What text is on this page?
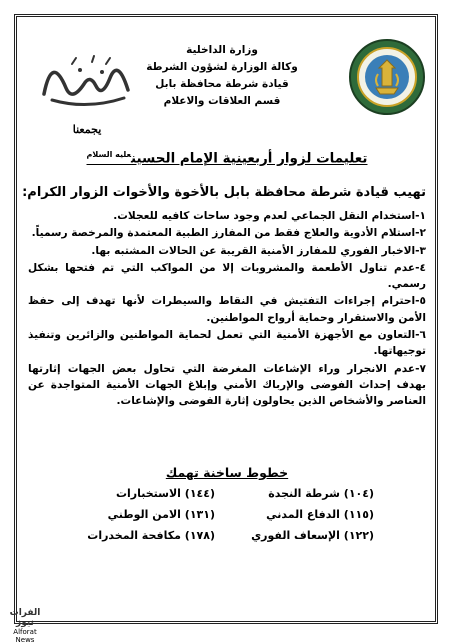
وزارة الداخلية
وكالة الوزارة لشؤون الشرطة
قيادة شرطة محافظة بابل
قسم العلاقات والاعلام
يجمعنا
تعليمات لزوار أربعينية الإمام الحسين$^{عليه السلام}$
تهيب قيادة شرطة محافظة بابل بالأخوة والأخوات الزوار الكرام:

١-استخدام النقل الجماعي لعدم وجود ساحات كافيه للعجلات.

٢-استلام الأدوية والعلاج فقط من المفارز الطبية المعتمدة والمرخصة رسمياً.

٣-الاخبار الفوري للمفارز الأمنية القريبة عن الحالات المشتبه بها.

٤-عدم تناول الأطعمة والمشروبات إلا من المواكب التي تم فتحها بشكل رسمي.

٥-احترام إجراءات التفتيش في النقاط والسيطرات لأنها تهدف إلى حفظ الأمن والاستقرار وحماية أرواح المواطنين.

٦-التعاون مع الأجهزة الأمنية التي تعمل لحماية المواطنين والزائرين وتنفيذ توجيهاتها.

٧-عدم الانجرار وراء الإشاعات المغرضة التي تحاول بعض الجهات إثارتها بهدف إحداث الفوضى والإرباك الأمني وإبلاغ الجهات الأمنية المتواجدة عن العناصر والأشخاص الذين يحاولون إثارة الفوضى والإشاعات.

خطوط ساخنة تهمك
(١٠٤) شرطة النجدة
(١٤٤) الاستخبارات
(١١٥) الدفاع المدني
(١٣١) الامن الوطني
(١٢٢) الإسعاف الفوري
(١٧٨) مكافحة المخدرات
الفرات نيوز
Alforat News
